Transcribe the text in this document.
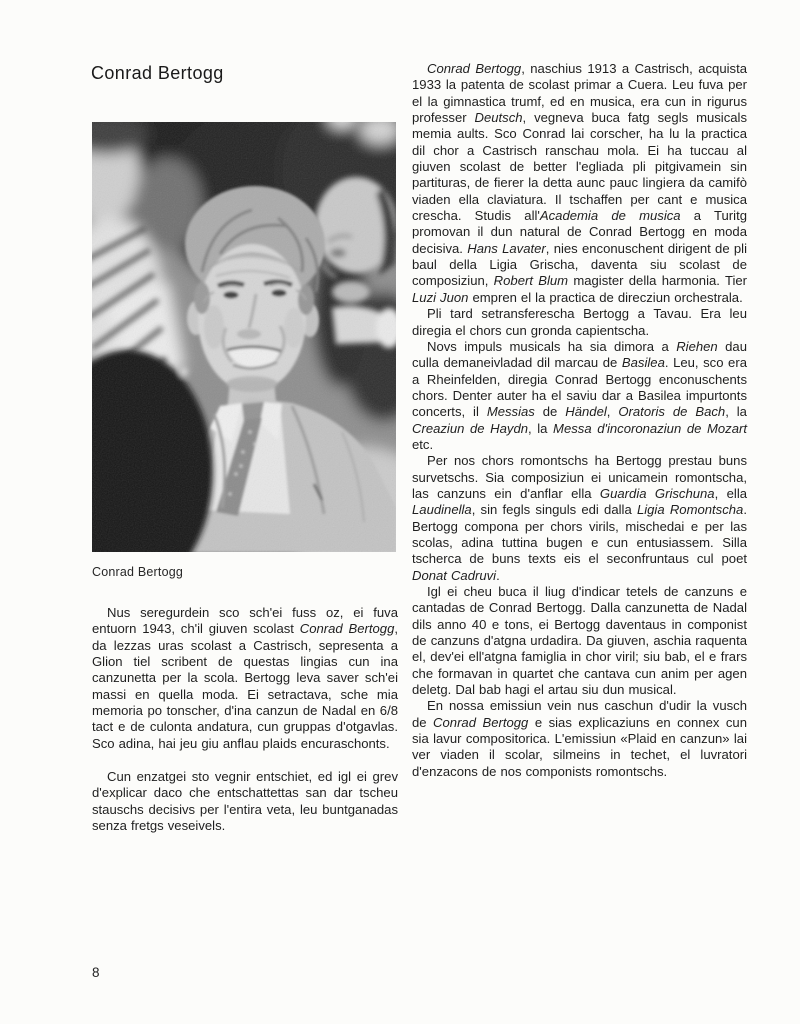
Conrad Bertogg
Conrad Bertogg

Nus seregurdein sco sch'ei fuss oz, ei fuva entuorn 1943, ch'il giuven scolast Conrad Bertogg, da lezzas uras scolast a Castrisch, sepresenta a Glion tiel scribent de questas lingias cun ina canzunetta per la scola. Bertogg leva saver sch'ei massi en quella moda. Ei setractava, sche mia memoria po tonscher, d'ina canzun de Nadal en 6/8 tact e de culonta andatura, cun gruppas d'otgavlas. Sco adina, hai jeu giu anflau plaids encuraschonts.

Cun enzatgei sto vegnir entschiet, ed igl ei grev d'explicar daco che entschattettas san dar tscheu stauschs decisivs per l'entira veta, leu buntganadas senza fretgs veseivels.

Conrad Bertogg, naschius 1913 a Castrisch, acquista 1933 la patenta de scolast primar a Cuera. Leu fuva per el la gimnastica trumf, ed en musica, era cun in rigurus professer Deutsch, vegneva buca fatg segls musicals memia aults. Sco Conrad lai corscher, ha lu la practica dil chor a Castrisch ranschau mola. Ei ha tuccau al giuven scolast de better l'egliada pli pitgivamein sin partituras, de fierer la detta aunc pauc lingiera da camifò viaden ella claviatura. Il tschaffen per cant e musica crescha. Studis all'Academia de musica a Turitg promovan il dun natural de Conrad Bertogg en moda decisiva. Hans Lavater, nies enconuschent dirigent de pli baul della Ligia Grischa, daventa siu scolast de composiziun, Robert Blum magister della harmonia. Tier Luzi Juon empren el la practica de direcziun orchestrala.

Pli tard setransferescha Bertogg a Tavau. Era leu diregia el chors cun gronda capientscha.

Novs impuls musicals ha sia dimora a Riehen dau culla demaneivladad dil marcau de Basilea. Leu, sco era a Rheinfelden, diregia Conrad Bertogg enconuschents chors. Denter auter ha el saviu dar a Basilea impurtonts concerts, il Messias de Händel, Oratoris de Bach, la Creaziun de Haydn, la Messa d'incoronaziun de Mozart etc.

Per nos chors romontschs ha Bertogg prestau buns survetschs. Sia composiziun ei unicamein romontscha, las canzuns ein d'anflar ella Guardia Grischuna, ella Laudinella, sin fegls singuls edi dalla Ligia Romontscha. Bertogg compona per chors virils, mischedai e per las scolas, adina tuttina bugen e cun entusiassem. Silla tscherca de buns texts eis el seconfruntaus cul poet Donat Cadruvi.

Igl ei cheu buca il liug d'indicar tetels de canzuns e cantadas de Conrad Bertogg. Dalla canzunetta de Nadal dils anno 40 e tons, ei Bertogg daventaus in componist de canzuns d'atgna urdadira. Da giuven, aschia raquenta el, dev'ei ell'atgna famiglia in chor viril; siu bab, el e frars che formavan in quartet che cantava cun anim per agen deletg. Dal bab hagi el artau siu dun musical.

En nossa emissiun vein nus caschun d'udir la vusch de Conrad Bertogg e sias explicaziuns en connex cun sia lavur compositorica. L'emissiun «Plaid en canzun» lai ver viaden il scolar, silmeins in techet, el luvratori d'enzacons de nos componists romontschs.

8
